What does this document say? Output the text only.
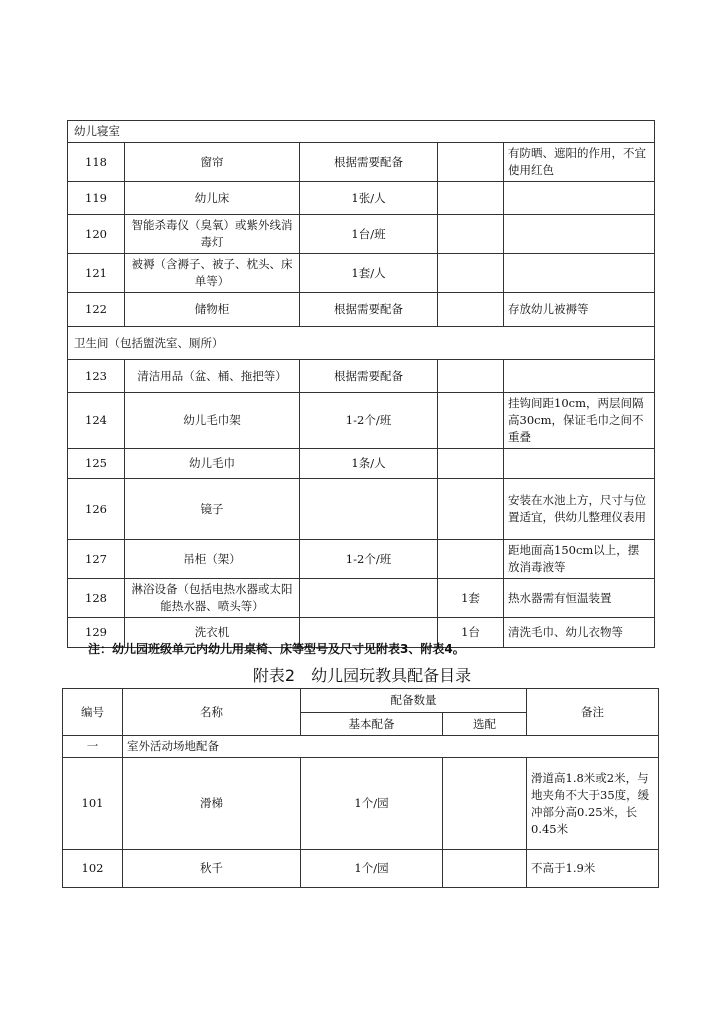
幼儿寝室				
118	窗帘	根据需要配备		有防晒、遮阳的作用，不宜使用红色
119	幼儿床	1张/人		
120	智能杀毒仪（臭氧）或紫外线消毒灯	1台/班		
121	被褥（含褥子、被子、枕头、床单等）	1套/人		
122	储物柜	根据需要配备		存放幼儿被褥等
卫生间（包括盥洗室、厕所）				
123	清洁用品（盆、桶、拖把等）	根据需要配备		
124	幼儿毛巾架	1-2个/班		挂钩间距10cm，两层间隔高30cm，保证毛巾之间不重叠
125	幼儿毛巾	1条/人		
126	镜子			安装在水池上方，尺寸与位置适宜，供幼儿整理仪表用
127	吊柜（架）	1-2个/班		距地面高150cm以上，摆放消毒液等
128	淋浴设备（包括电热水器或太阳能热水器、喷头等）		1套	热水器需有恒温装置
129	洗衣机		1台	清洗毛巾、幼儿衣物等
注：幼儿园班级单元内幼儿用桌椅、床等型号及尺寸见附表3、附表4。
附表2　幼儿园玩教具配备目录
编号	名称	配备数量		备注
		基本配备	选配	
一	室外活动场地配备			
101	滑梯	1个/园		滑道高1.8米或2米，与地夹角不大于35度，缓冲部分高0.25米，长0.45米
102	秋千	1个/园		不高于1.9米
